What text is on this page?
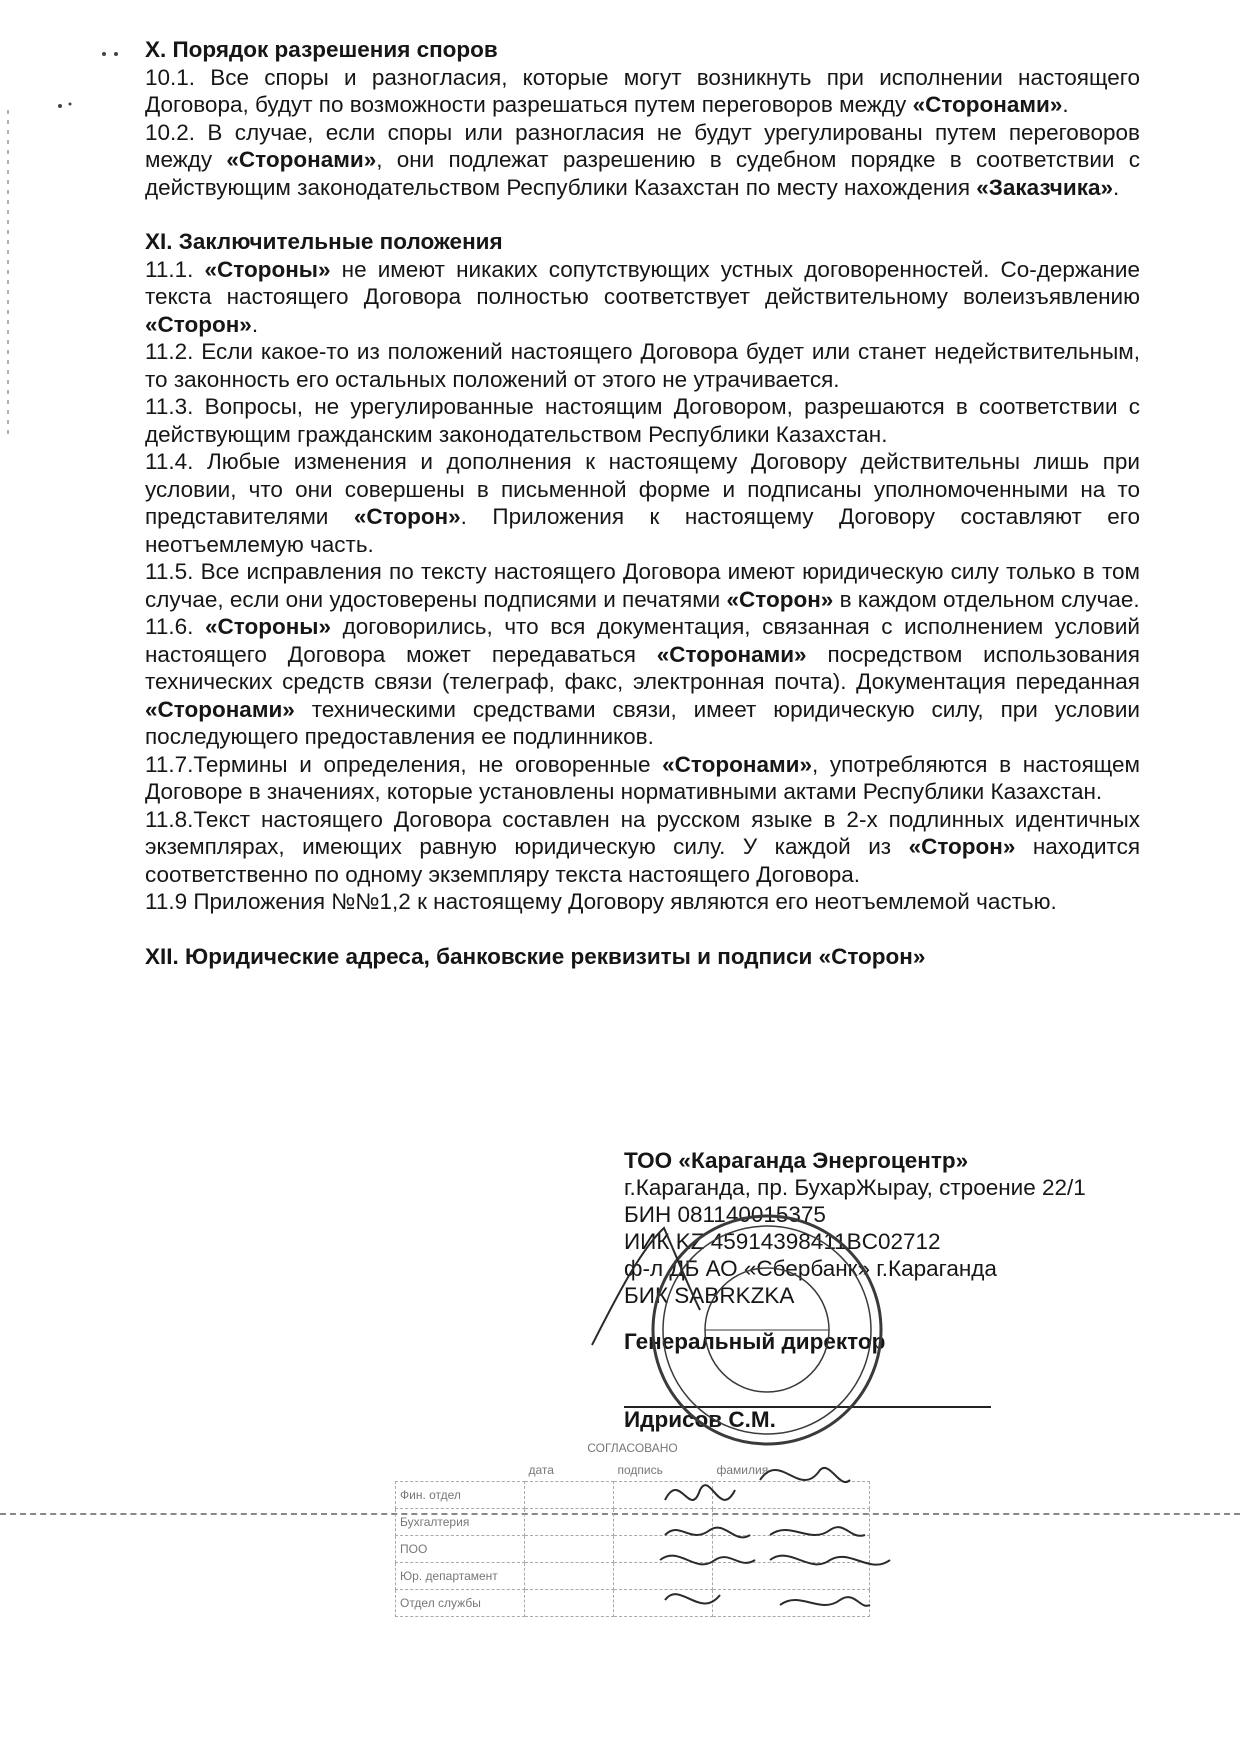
X. Порядок разрешения споров

10.1. Все споры и разногласия, которые могут возникнуть при исполнении настоящего Договора, будут по возможности разрешаться путем переговоров между «Сторонами».

10.2. В случае, если споры или разногласия не будут урегулированы путем переговоров между «Сторонами», они подлежат разрешению в судебном порядке в соответствии с действующим законодательством Республики Казахстан по месту нахождения «Заказчика».

XI. Заключительные положения

11.1. «Стороны» не имеют никаких сопутствующих устных договоренностей. Со-держание текста настоящего Договора полностью соответствует действительному волеизъявлению «Сторон».

11.2. Если какое-то из положений настоящего Договора будет или станет недействительным, то законность его остальных положений от этого не утрачивается.

11.3. Вопросы, не урегулированные настоящим Договором, разрешаются в соответствии с действующим гражданским законодательством Республики Казахстан.

11.4. Любые изменения и дополнения к настоящему Договору действительны лишь при условии, что они совершены в письменной форме и подписаны уполномоченными на то представителями «Сторон». Приложения к настоящему Договору составляют его неотъемлемую часть.

11.5. Все исправления по тексту настоящего Договора имеют юридическую силу только в том случае, если они удостоверены подписями и печатями «Сторон» в каждом отдельном случае.

11.6. «Стороны» договорились, что вся документация, связанная с исполнением условий настоящего Договора может передаваться «Сторонами» посредством использования технических средств связи (телеграф, факс, электронная почта). Документация переданная «Сторонами» техническими средствами связи, имеет юридическую силу, при условии последующего предоставления ее подлинников.

11.7.Термины и определения, не оговоренные «Сторонами», употребляются в настоящем Договоре в значениях, которые установлены нормативными актами Республики Казахстан.

11.8.Текст настоящего Договора составлен на русском языке в 2-х подлинных идентичных экземплярах, имеющих равную юридическую силу. У каждой из «Сторон» находится соответственно по одному экземпляру текста настоящего Договора.

11.9 Приложения №№1,2 к настоящему Договору являются его неотъемлемой частью.

XII. Юридические адреса, банковские реквизиты и подписи «Сторон»

ТОО «Караганда Энергоцентр»

г.Караганда, пр. БухарЖырау, строение 22/1

БИН 081140015375

ИИК KZ 45914398411BC02712

ф-л ДБ АО «Сбербанк» г.Караганда

БИК SABRKZKA

Генеральный директор
Идрисов С.М.
СОГЛАСОВАНО			
	дата	подпись	фамилия
Фин. отдел			
Бухгалтерия			
ПОО			
Юр. департамент			
Отдел службы			
